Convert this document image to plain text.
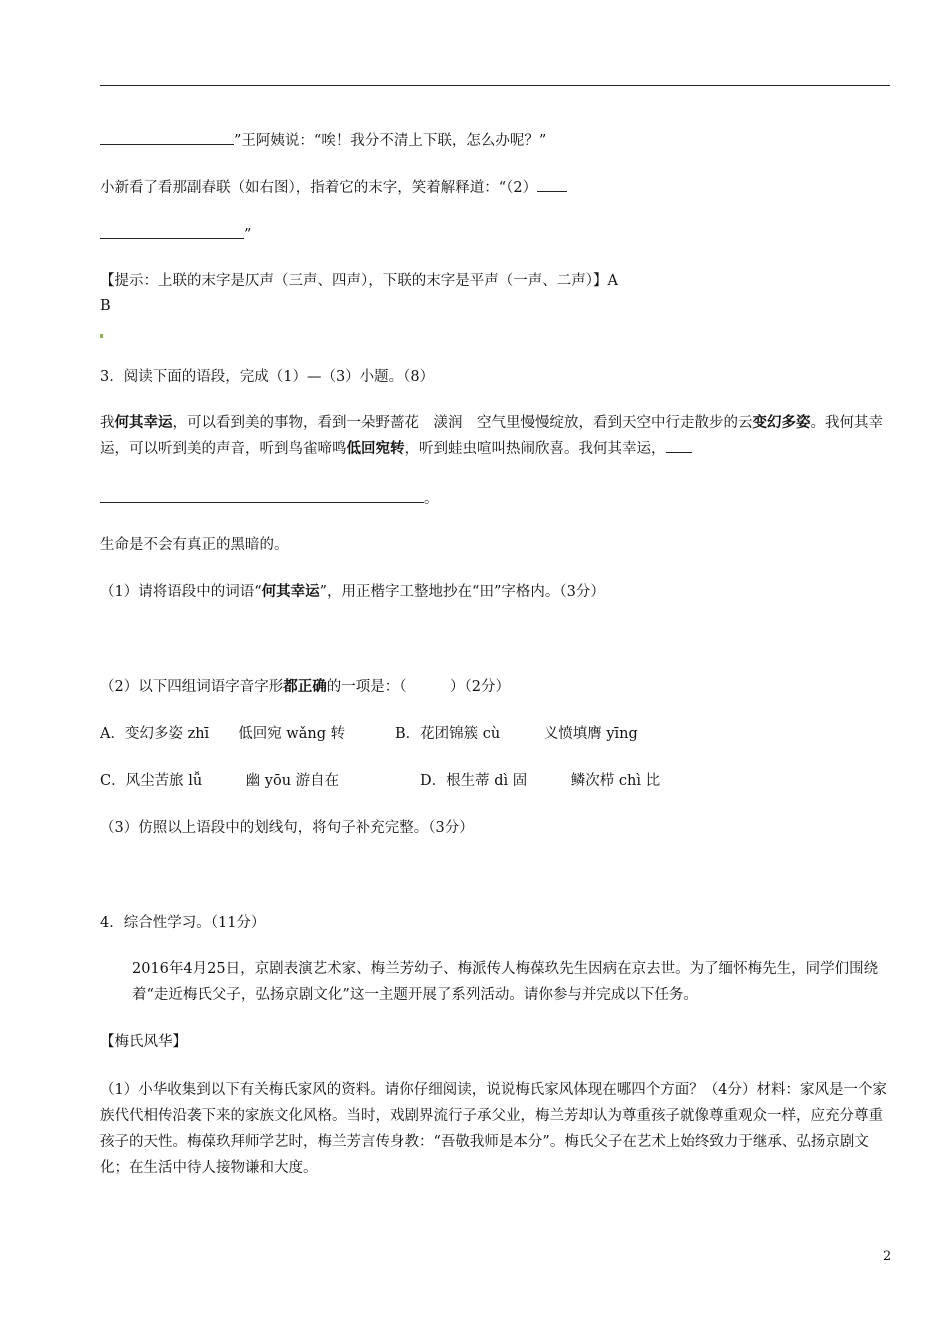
”王阿姨说：“唉！我分不清上下联，怎么办呢？”
小新看了看那副春联（如右图），指着它的末字，笑着解释道：“（2）
”
【提示：上联的末字是仄声（三声、四声），下联的末字是平声（一声、二声）】A
B
3．阅读下面的语段，完成（1）—（3）小题。（8）
我何其幸运，可以看到美的事物，看到一朵野蔷花　㵪润　空气里慢慢绽放，看到天空中行走散步的云变幻多姿。我何其幸运，可以听到美的声音，听到鸟雀啼鸣低回宛转，听到蛙虫喧叫热闹欣喜。我何其幸运，
。
生命是不会有真正的黑暗的。
（1）请将语段中的词语“何其幸运”，用正楷字工整地抄在“田”字格内。（3分）
（2）以下四组词语字音字形都正确的一项是：（　　　）（2分）
A．变幻多姿 zhī　　低回宛 wǎng 转	B．花团锦簇 cù　　　义愤填膺 yīng
C．风尘苦旅 lǚ　　　幽 yōu 游自在	D．根生蒂 dì 固　　　鳞次栉 chì 比
（3）仿照以上语段中的划线句，将句子补充完整。（3分）
4．综合性学习。（11分）
2016年4月25日，京剧表演艺术家、梅兰芳幼子、梅派传人梅葆玖先生因病在京去世。为了缅怀梅先生，同学们围绕着“走近梅氏父子，弘扬京剧文化”这一主题开展了系列活动。请你参与并完成以下任务。
【梅氏风华】
（1）小华收集到以下有关梅氏家风的资料。请你仔细阅读，说说梅氏家风体现在哪四个方面？（4分）材料：家风是一个家族代代相传沿袭下来的家族文化风格。当时，戏剧界流行子承父业，梅兰芳却认为尊重孩子就像尊重观众一样，应充分尊重孩子的天性。梅葆玖拜师学艺时，梅兰芳言传身教：“吾敬我师是本分”。梅氏父子在艺术上始终致力于继承、弘扬京剧文化；在生活中待人接物谦和大度。
2
